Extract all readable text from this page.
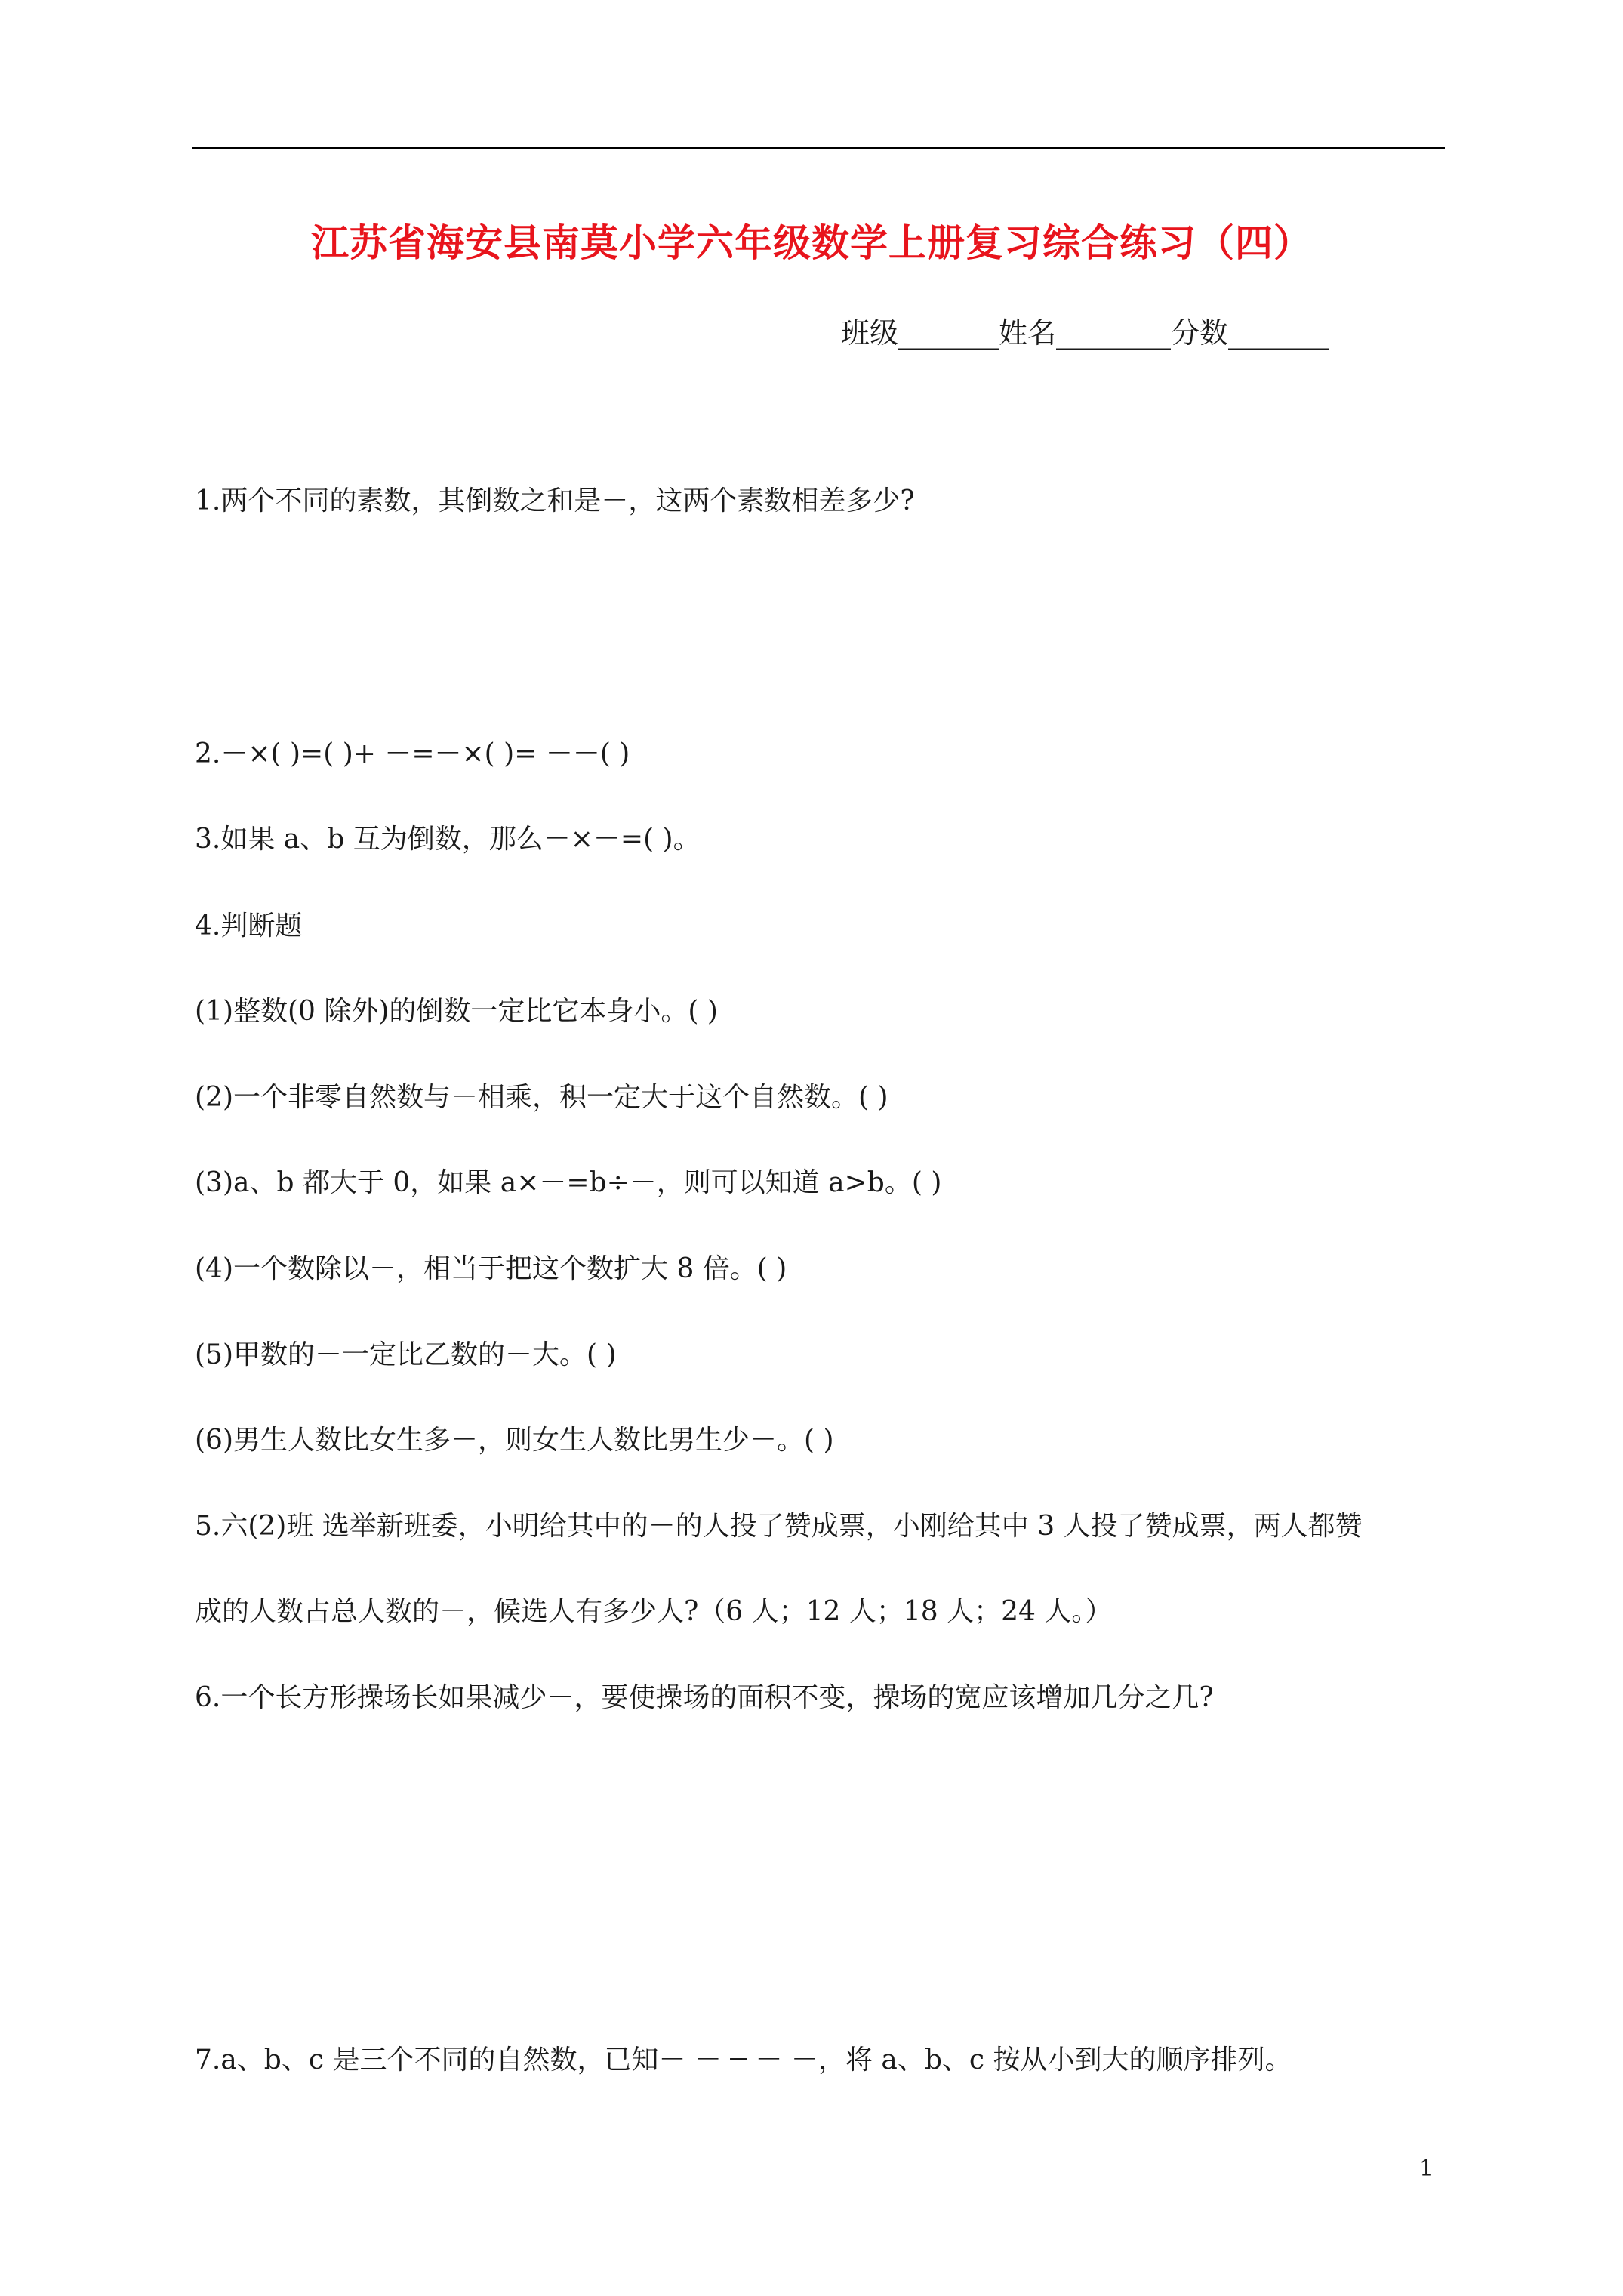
江苏省海安县南莫小学六年级数学上册复习综合练习（四）
班级_______姓名________分数_______
1.两个不同的素数，其倒数之和是－，这两个素数相差多少?
2.－×( )=( )+ －=－×( )= －－( )
3.如果 a、b 互为倒数，那么－×－=( )。
4.判断题
(1)整数(0 除外)的倒数一定比它本身小。( )
(2)一个非零自然数与－相乘，积一定大于这个自然数。( )
(3)a、b 都大于 0，如果 a×－=b÷－，则可以知道 a>b。( )
(4)一个数除以－，相当于把这个数扩大 8 倍。( )
(5)甲数的－一定比乙数的－大。( )
(6)男生人数比女生多－，则女生人数比男生少－。( )
5.六(2)班 选举新班委，小明给其中的－的人投了赞成票，小刚给其中 3 人投了赞成票，两人都赞
成的人数占总人数的－，候选人有多少人?（6 人；12 人；18 人；24 人。）
6.一个长方形操场长如果减少－，要使操场的面积不变，操场的宽应该增加几分之几?
7.a、b、c 是三个不同的自然数，已知－ － ─ － －，将 a、b、c 按从小到大的顺序排列。
1
